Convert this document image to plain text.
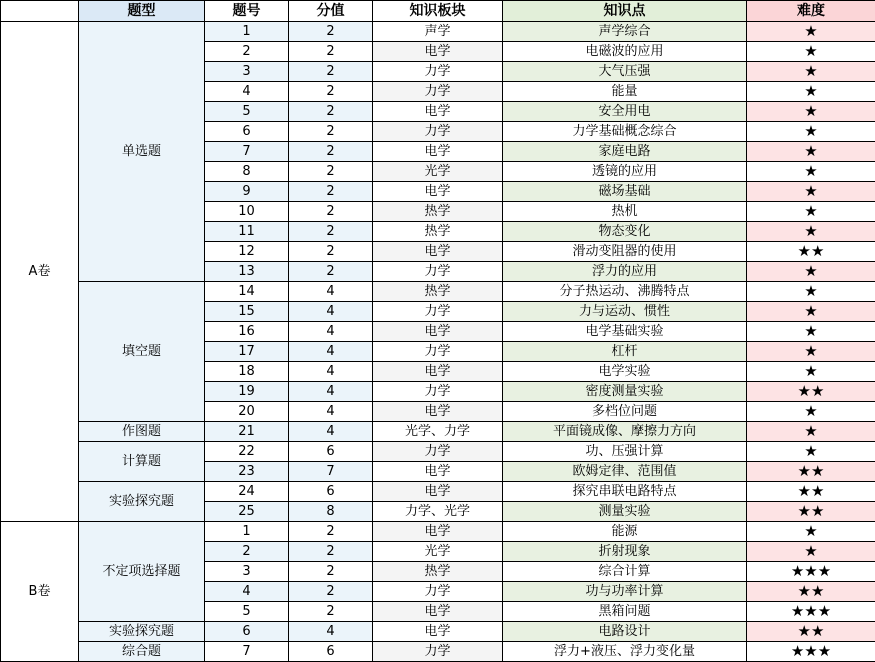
	题型	题号	分值	知识板块	知识点	难度
A卷	单选题	1	2	声学	声学综合	★
		2	2	电学	电磁波的应用	★
		3	2	力学	大气压强	★
		4	2	力学	能量	★
		5	2	电学	安全用电	★
		6	2	力学	力学基础概念综合	★
		7	2	电学	家庭电路	★
		8	2	光学	透镜的应用	★
		9	2	电学	磁场基础	★
		10	2	热学	热机	★
		11	2	热学	物态变化	★
		12	2	电学	滑动变阻器的使用	★★
		13	2	力学	浮力的应用	★
	填空题	14	4	热学	分子热运动、沸腾特点	★
		15	4	力学	力与运动、惯性	★
		16	4	电学	电学基础实验	★
		17	4	力学	杠杆	★
		18	4	电学	电学实验	★
		19	4	力学	密度测量实验	★★
		20	4	电学	多档位问题	★
	作图题	21	4	光学、力学	平面镜成像、摩擦力方向	★
	计算题	22	6	力学	功、压强计算	★
		23	7	电学	欧姆定律、范围值	★★
	实验探究题	24	6	电学	探究串联电路特点	★★
		25	8	力学、光学	测量实验	★★
B卷	不定项选择题	1	2	电学	能源	★
		2	2	光学	折射现象	★
		3	2	热学	综合计算	★★★
		4	2	力学	功与功率计算	★★
		5	2	电学	黑箱问题	★★★
	实验探究题	6	4	电学	电路设计	★★
	综合题	7	6	力学	浮力+液压、浮力变化量	★★★
